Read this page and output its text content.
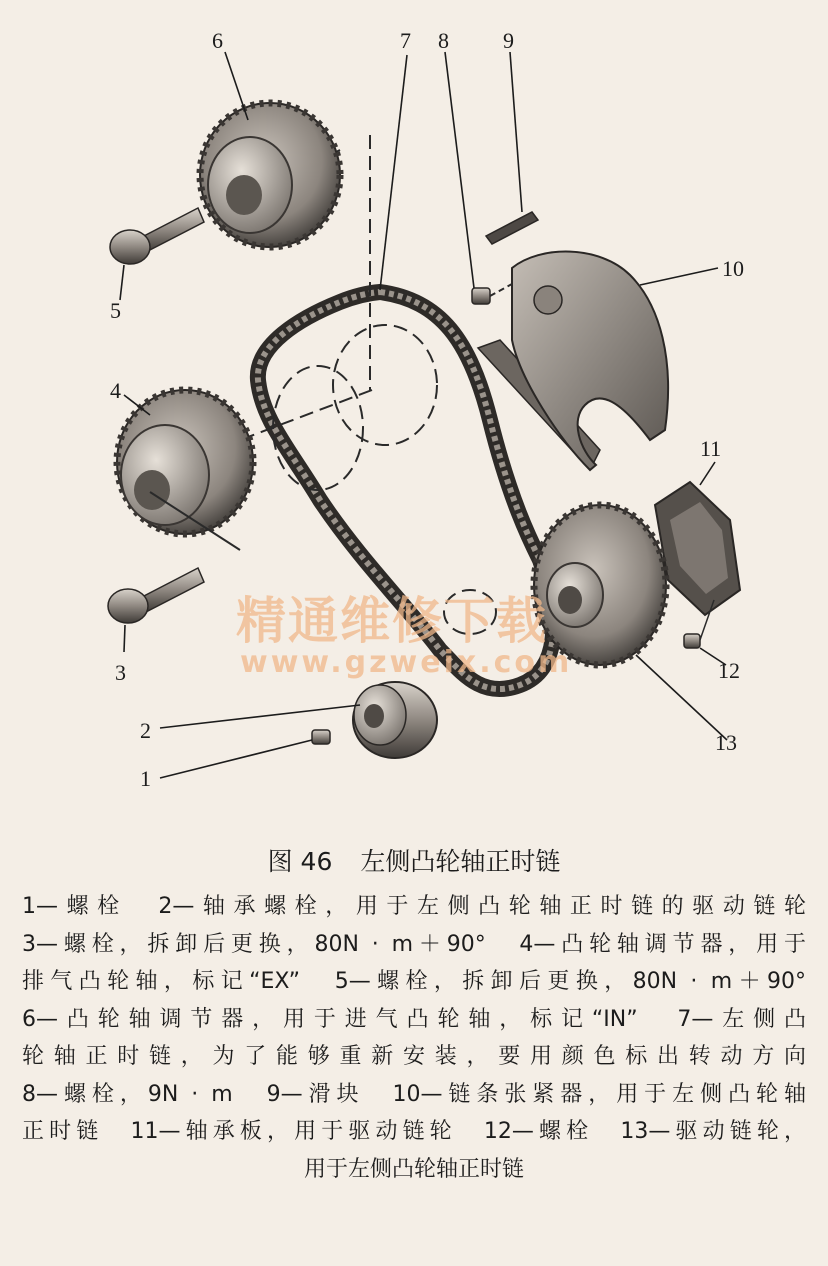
6	7 8 9
10
5
4
11
3	12
2	13
1
精通维修下载
www.gzweix.com
图 46 左侧凸轮轴正时链
1—螺栓　2—轴承螺栓，用于左侧凸轮轴正时链的驱动链轮
3—螺栓，拆卸后更换，80N · m＋90°　4—凸轮轴调节器，用于
排气凸轮轴，标记“EX”　5—螺栓，拆卸后更换，80N · m＋90°
6—凸轮轴调节器，用于进气凸轮轴，标记“IN”　7—左侧凸
轮轴正时链，为了能够重新安装，要用颜色标出转动方向
8—螺栓，9N · m　9—滑块　10—链条张紧器，用于左侧凸轮轴
正时链　11—轴承板，用于驱动链轮　12—螺栓　13—驱动链轮，
用于左侧凸轮轴正时链
